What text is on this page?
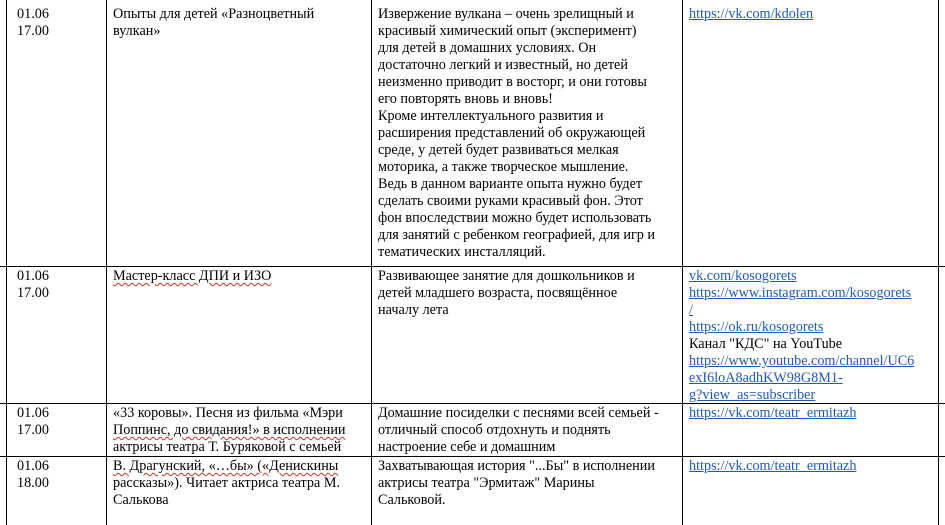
01.06
17.00
Опыты для детей «Разноцветный
вулкан»
Извержение вулкана – очень зрелищный и
красивый химический опыт (эксперимент)
для детей в домашних условиях. Он
достаточно легкий и известный, но детей
неизменно приводит в восторг, и они готовы
его повторять вновь и вновь!
Кроме интеллектуального развития и
расширения представлений об окружающей
среде, у детей будет развиваться мелкая
моторика, а также творческое мышление.
Ведь в данном варианте опыта нужно будет
сделать своими руками красивый фон. Этот
фон впоследствии можно будет использовать
для занятий с ребенком географией, для игр и
тематических инсталляций.
https://vk.com/kdolen
01.06
17.00
Мастер-класс ДПИ и ИЗО	Развивающее занятие для дошкольников и
детей младшего возраста, посвящённое
началу лета
vk.com/kosogorets
https://www.instagram.com/kosogorets
/
https://ok.ru/kosogorets
Канал "КДС" на YouTube
https://www.youtube.com/channel/UC6
exI6loA8adhKW98G8M1-
g?view_as=subscriber
01.06
17.00
«33 коровы». Песня из фильма «Мэри
Поппинс, до свидания!» в исполнении
актрисы театра Т. Буряковой с семьей
Домашние посиделки с песнями всей семьей -
отличный способ отдохнуть и поднять
настроение себе и домашним
https://vk.com/teatr_ermitazh
01.06
18.00
В. Драгунский, «…бы» («Денискины
рассказы»). Читает актриса театра М.
Салькова
Захватывающая история "...Бы" в исполнении
актрисы театра "Эрмитаж" Марины
Сальковой.
https://vk.com/teatr_ermitazh
